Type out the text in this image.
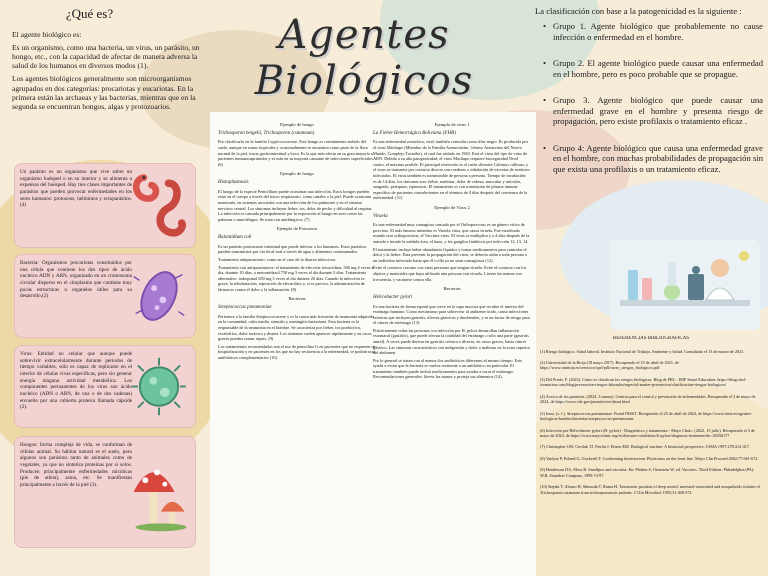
¿Qué es?

El agente biológico es:

Es un organismo, como una bacteria, un virus, un parásito, un hongo, etc., con la capacidad de afectar de manera adversa la salud de los humanos en diversos modos (1).

Los agentes biológicos generalmente son microorganismos agrupados en dos categorías: procariotas y eucariotas. En la primera están las archaeas y las bacterias, mientras que en la segunda se encuentran hongos, algas y protozoarios.

Un parásito es un organismo que vive sobre un organismo huésped o en su interior y se alimenta a expensas del huésped. Hay tres clases importantes de parásitos que pueden provocar enfermedades en los seres humanos: protozoos, helmintos y ectoparásitos.(4)
Bacteria: Organismos procariotas constituidos por una célula que contiene los dos tipos de ácido nucleico ADN y ARN, organizado en un cromosoma circular disperso en el citoplasma que contiene muy pocas estructuras u organelos útiles para su desarrollo.(2)
Virus: Entidad no celular que aunque puede sobrevivir extracelularmente durante periodos de tiempo variables, sólo es capaz de replicarse en el interior de células vivas específicas, pero sin generar energía ninguna actividad metabólica. Los componentes permanentes de los virus son ácido nucleico (ADN o ARN, de una o de dos cadenas) envuelto por una cubierta proteica llamada cápside (2).
Hongos: forma compleja de vida, se conforman de células animal. Su hábitat natural es el suelo, pero algunos son parásitos tanto de animales como de vegetales, ya que no sintetiza proteínas por sí solos. Producen principalmente enfermedades micóticas (pie de atleta), asma, etc. Se manifiestan principalmente a través de la piel (3).
Agentes Biológicos
Ejemplo de hongo
Trichosporon beigelii, Trichosporon (cutaneum)

Por clasificarlo en la familia Cryptococcaceae. Este hongo es comúnmente aislado del suelo, aunque en zonas tropicales y ocasionalmente se encuentra como parte de la flora normal de la piel, tracto gastrointestinal y boca. Es la que más afecta en su gran mayoría a pacientes inmunosuprimidos y es más en su mayoría causante de infecciones superficiales. (6)

Ejemplo de hongo
Histoplasmosis

El hongo de la especie Penicillium puede ocasionar una infección. Estos hongos pueden estar en el cuerpo a través del tracto respiratorio, como canales o la piel. Puede ocasionar neumonía, en sistemas asociados con una infección de los pulmones y en el sistema nervioso central. Los síntomas incluyen fiebre, tos, dolor de pecho y dificultad al respirar. La infección es causada principalmente por la exposición al hongo en aves como las palomas o murciélagos. Se trata con antifúngicos. (7)

Ejemplo de Protozoos
Balantidium coli

Es un parásito protozoario intestinal que puede infectar a los humanos. Estos parásitos pueden transmitirse por vía fecal-oral a través de agua y alimentos contaminados.

Tratamiento antiparasitario: como en el caso de la diarrea infecciosa.

Tratamiento con antiparasitarios: el tratamiento de elección: tetraciclina, 500 mg 4 veces al día, durante 10 días, o metronidazol 750 mg 3 veces al día durante 5 días. Tratamiento alternativo: iodoquinol 650 mg 3 veces al día durante 20 días. Cuando la infección es grave, la rehidratación, reposición de electrolitos y, si es preciso, la administración de fármacos contra el dolor y la inflamación. (8)

Bacterias
Streptococcus pneumoniae

Pertenece a la familia Streptococcaceae y es la causa más frecuente de neumonía adquirida en la comunidad, otitis media, sinusitis y meningitis bacteriana. Esta bacteria es la responsable de la neumonía en el hombre. Se caracteriza por fiebre, tos productiva, escalofríos, dolor torácico y disnea. Los síntomas suelen aparecer rápidamente y en casos graves pueden causar sepsis. (9)

Los tratamientos recomendados son el uso de penicilina G en pacientes que no requieren de hospitalización y en pacientes en los que no hay resistencia a la enfermedad, se podrán usar antibióticos complementarios (10).

Ejemplo de virus 1
La Fiebre Hemorrágica Boliviana (FHB)

Es una enfermedad zoonótica, viral, también conocida como tifus negro. Es producida por el virus Machupo (Miembro de la Familia Arenaviridae, Género Arenavirus del Nuevo Mundo, Complejo Tacaribe), el cual fue aislado en 1963. Está el virus del tipo de virus de ARN. Debido a su alta patogenicidad, el virus Machupo requiere bioseguridad Nivel cuatro, el máximo posible. El principal reservorio es el ratón silvestre Calomys callosus, y el virus se transmite por contacto directo con roedores o inhalación de excretas de roedores infectados. El virus también es transmisible de persona a persona. Tiempo de incubación: es de 14 días, los síntomas son: fiebre, malestar, dolor de cabeza, muscular y articular, sangrado, petequias, equimosis. El tratamiento es con transfusión de plasma inmune específico de pacientes convalecientes en el término de 8 días después del comienzo de la enfermedad. (11)

Ejemplo de Virus 2
Viruela

Es una enfermedad muy contagiosa causada por el Orthopoxvirus es un género vírico de poxvirus. El más famoso miembro es Variola virus, que causa viruela. Fue erradicado usando otro orthopoxvirus, el Vaccinia virus. El virus se multiplica y a 4 días después de la entrada e invade la médula ósea, el bazo, y los ganglios linfáticos por infección 12, 13, 14.

El tratamiento incluye beber abundantes líquidos y tomar medicamentos para controlar el dolor y la fiebre. Para prevenir la propagación del virus, se debería aislar a toda persona a un individuo infectado hasta que él o ella ya no sean contagiosos (12).

Evite el contacto cercano con otras personas que tengan viruela. Evite el contacto con los objetos y materiales que haya utilizado una persona con viruela. Lávese las manos con frecuencia, y vacúnese contra ella.

Bacterias
Helicobacter pylori

Es una bacteria de forma espiral que crece en la capa mucosa que recubre el interior del estómago humano. Como mecanismo para sobrevivir al ambiente ácido, causa infecciones crónicas que incluyen gastritis, úlceras gástricas y duodenales, y es un factor de riesgo para el cáncer de estómago (13).

Prácticamente todas las personas con infección por H. pylori desarrollan inflamación estomacal (gastritis), que puede afectar la totalidad del estómago o sólo una parte (gastritis antral). A veces puede derivar en gastritis crónica o úlceras, en casos graves, hasta cáncer gástrico. Las síntomas característicos son indigestión y dolor o malestar en la zona superior del abdomen.

Por lo general se tratan con al menos dos antibióticos diferentes al mismo tiempo. Esto ayuda a evitar que la bacteria se vuelva resistente a un antibiótico en particular. El tratamiento también puede incluir medicamentos para ayudar a curar el estómago. Recomendaciones generales: lávese las manos y proteja sus alimentos (14).

La clasificación con base a la patogenicidad es la siguiente :
• Grupo 1. Agente biológico que probablemente no cause infección o enfermedad en el hombre.
• Grupo 2. El agente biológico puede causar una enfermedad en el hombre, pero es poco probable que se propague.
• Grupo 3. Agente biológico que puede causar una enfermedad grave en el hombre y presenta riesgo de propagación, pero existe profilaxis o tratamiento eficaz .
• Grupo 4: Agente biológico que causa una enfermedad grave en el hombre, con muchas probabilidades de propagación sin que exista una profilaxis o un tratamiento eficaz.
REFERENCIAS BIBLIOGRÁFICAS

(1) Riesgo biológico. Salud laboral. Instituto Nacional de Trabajo, Ambiente y Salud. Consultado el 13 de marzo de 2021.

(2) Universidad de la Rioja (18 mayo 2017). Recuperado el 10 de abril de 2021, de https://www.unirioja.es/servicios/sprl/pdf/curso_riesgos_biologicos.pdf

(3) Del Prado, F. (2022). Cómo se clasifican los riesgos biológicos. Blog de PRL - IMF Smart Education. https://blogs.imf-formacion.com/blog/prevencion-riesgos-laborales/especial-master-prevencion/clasificacion-riesgos-biologicos/

(4) Acerca de los parásitos. (2024, 3 marzo). Centros para el control y prevención de enfermedades. Recuperado el 3 de mayo de 2024, de https://www.cdc.gov/parasites/es/about.html

(5) Insst. (s. f.). Streptococcus pneumoniae. Portal INSST. Recuperado el 25 de abril de 2024, de https://www.insst.es/agentes-biologicos-basebio/bacterias/streptococcus-pneumoniae

(6) Infección por Helicobacter pylori (H. pylori) - Diagnóstico y tratamiento - Mayo Clinic. (2022, 15 julio). Recuperado el 3 de mayo de 2024, de https://www.mayoclinic.org/es/diseases-conditions/h-pylori/diagnosis-treatment/drc-20356177

(7) Christopher GW, Cieslak TJ, Pavlin J, Eitzen EM. Biological warfare: A historical perspective. JAMA 1997;278:412-417.

(8) Vaidyar P, Poland G, Gockerill F. Confronting bioterrorism: Physicians on the front line. Mayo Clin Proceed 2002;77:661-672.

(9) Henderson DA, Moss B. Smallpox and vaccinia. En: Plotkin S, Orenstein W, ed. Vaccines. Third Edition. Philadelphia (PA): W.B. Saunders Company, 1999:74-97.

(10) Stepka T, Alonso H, Shimoda T, Ruma H. Taxonomic position of deep rooted, ancestral-associated and nonpathoids isolates of Trichosporon cutaneum from trichosporonosis patients. J Clin Microbiol 1993;31:368-372.
